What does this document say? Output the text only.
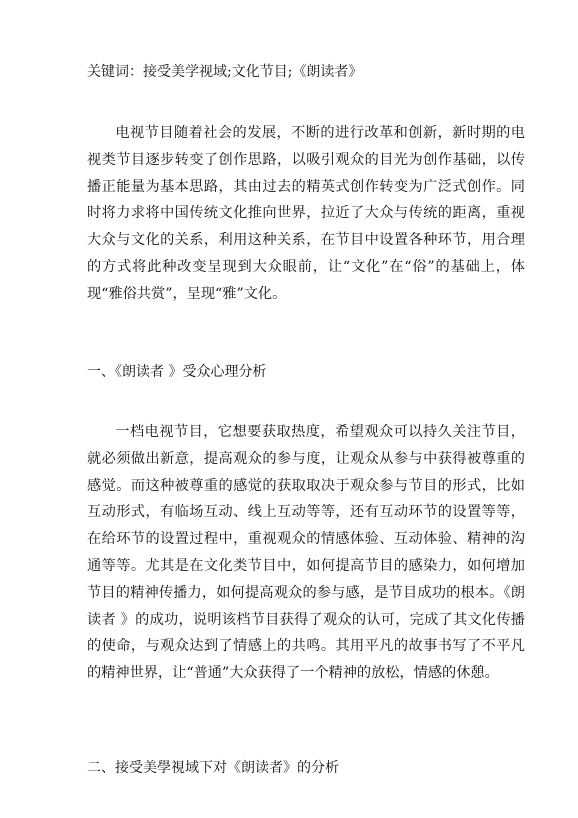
关键词：接受美学视域;文化节目;《朗读者》

电视节目随着社会的发展，不断的进行改革和创新，新时期的电视类节目逐步转变了创作思路，以吸引观众的目光为创作基础，以传播正能量为基本思路，其由过去的精英式创作转变为广泛式创作。同时将力求将中国传统文化推向世界，拉近了大众与传统的距离，重视大众与文化的关系，利用这种关系，在节目中设置各种环节，用合理的方式将此种改变呈现到大众眼前，让“文化”在“俗”的基础上，体现“雅俗共赏”，呈现“雅”文化。

一、《朗读者 》受众心理分析

一档电视节目，它想要获取热度，希望观众可以持久关注节目，就必须做出新意，提高观众的参与度，让观众从参与中获得被尊重的感觉。而这种被尊重的感觉的获取取决于观众参与节目的形式，比如互动形式，有临场互动、线上互动等等，还有互动环节的设置等等，在给环节的设置过程中，重视观众的情感体验、互动体验、精神的沟通等等。尤其是在文化类节目中，如何提高节目的感染力，如何增加节目的精神传播力，如何提高观众的参与感，是节目成功的根本。《朗读者 》的成功，说明该档节目获得了观众的认可，完成了其文化传播的使命，与观众达到了情感上的共鸣。其用平凡的故事书写了不平凡的精神世界，让“普通”大众获得了一个精神的放松，情感的休憩。

二、接受美學視域下对《朗读者》的分析
